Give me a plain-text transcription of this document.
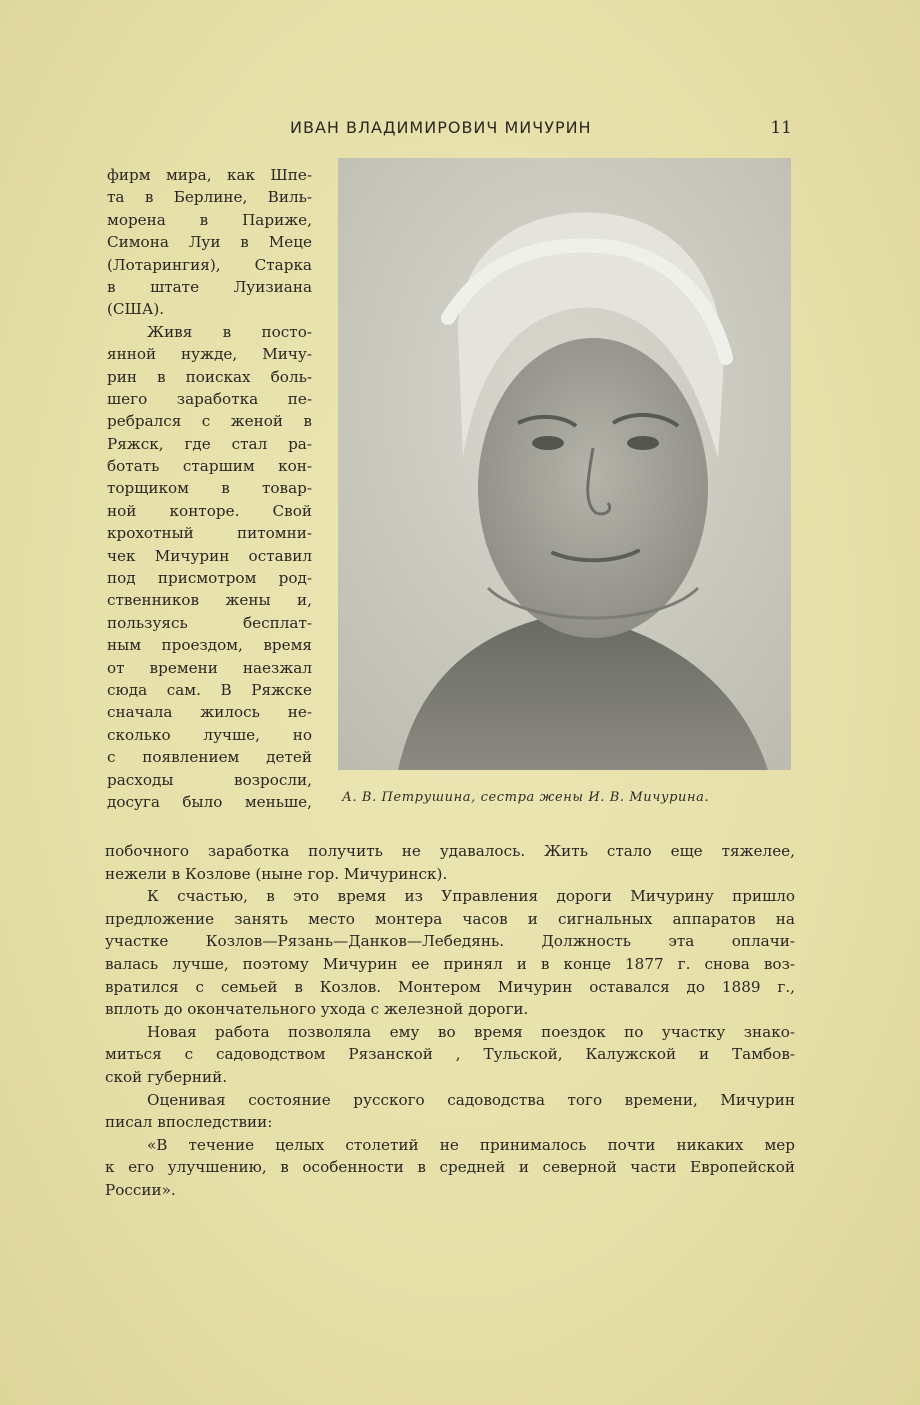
ИВАН ВЛАДИМИРОВИЧ МИЧУРИН	11
фирм мира, как Шпе-
та в Берлине, Виль-
морена в Париже,
Симона Луи в Меце
(Лотарингия), Старка
в штате Луизиана
(США).
Живя в посто-
янной нужде, Мичу-
рин в поисках боль-
шего заработка пе-
ребрался с женой в
Ряжск, где стал ра-
ботать старшим кон-
торщиком в товар-
ной конторе. Свой
крохотный питомни-
чек Мичурин оставил
под присмотром род-
ственников жены и,
пользуясь бесплат-
ным проездом, время
от времени наезжал
сюда сам. В Ряжске
сначала жилось не-
сколько лучше, но
с появлением детей
расходы возросли,
досуга было меньше, А. В. Петрушина, сестра жены И. В. Мичурина.
побочного заработка получить не удавалось. Жить стало еще тяжелее,
нежели в Козлове (ныне гор. Мичуринск).
К счастью, в это время из Управления дороги Мичурину пришло
предложение занять место монтера часов и сигнальных аппаратов на
участке Козлов—Рязань—Данков—Лебедянь. Должность эта оплачи-
валась лучше, поэтому Мичурин ее принял и в конце 1877 г. снова воз-
вратился с семьей в Козлов. Монтером Мичурин оставался до 1889 г.,
вплоть до окончательного ухода с железной дороги.
Новая работа позволяла ему во время поездок по участку знако-
миться с садоводством Рязанской , Тульской, Калужской и Тамбов-
ской губерний.
Оценивая состояние русского садоводства того времени, Мичурин
писал впоследствии:
«В течение целых столетий не принималось почти никаких мер
к его улучшению, в особенности в средней и северной части Европейской
России».
